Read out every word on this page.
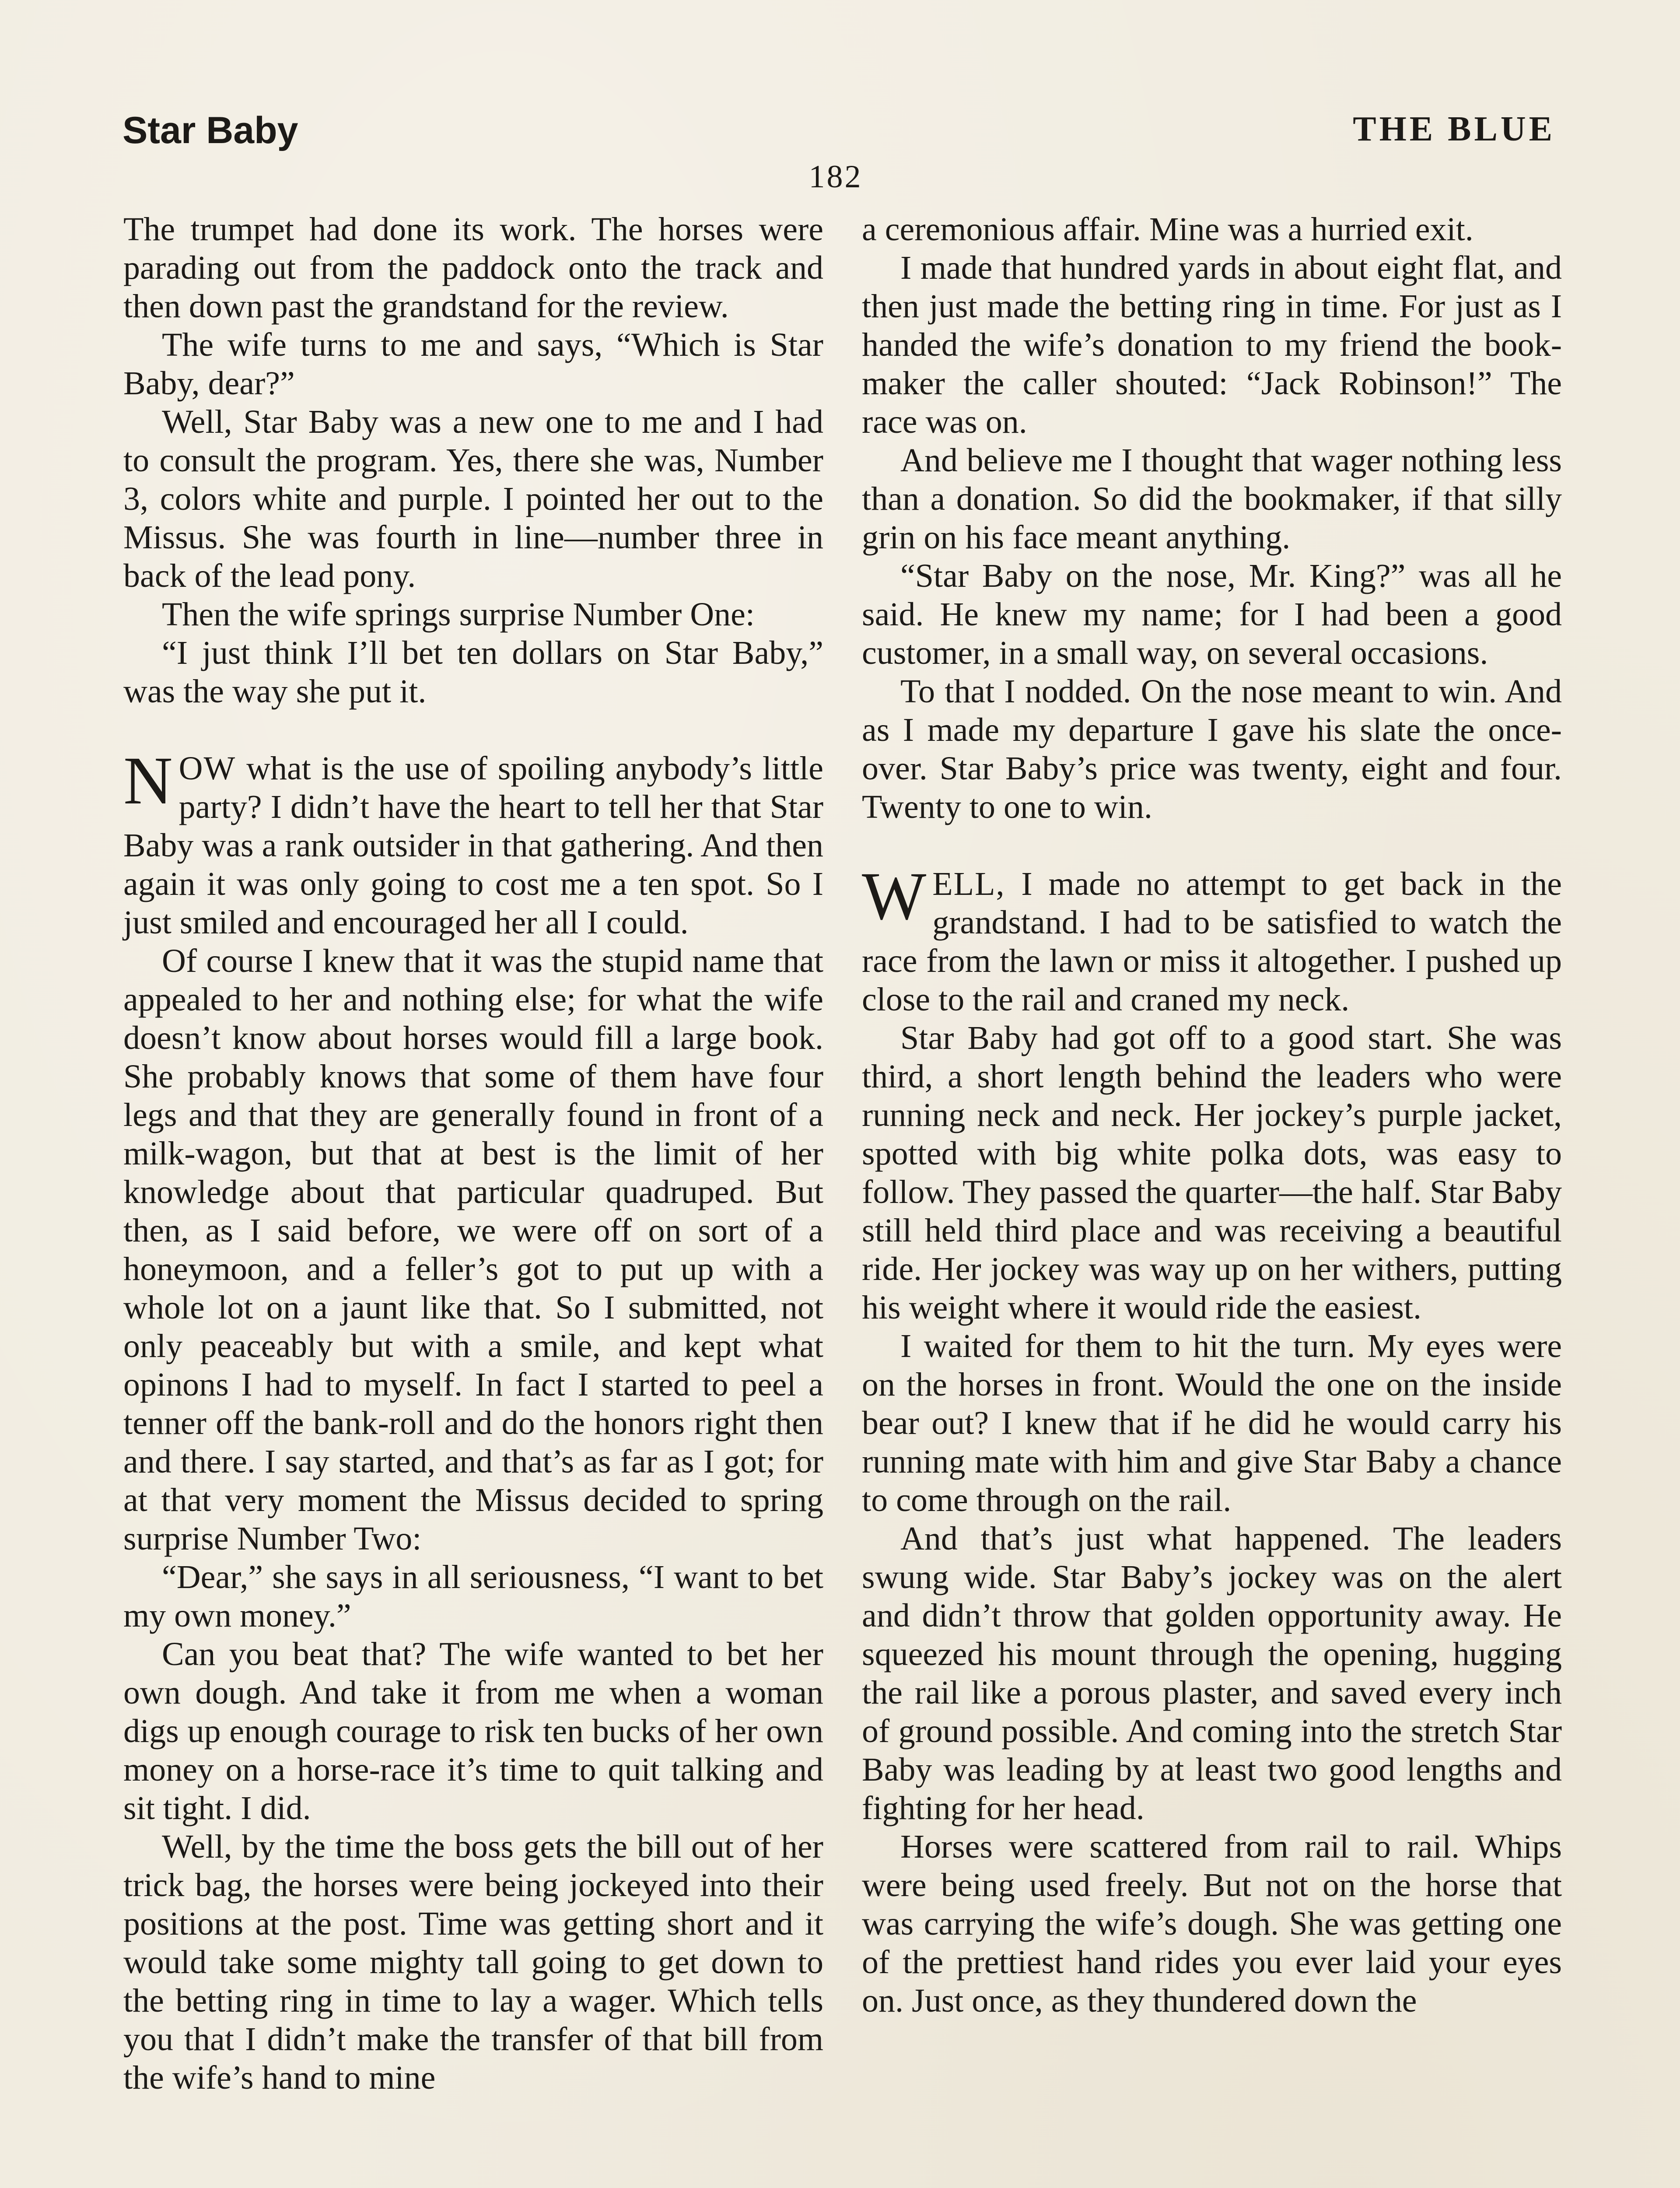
Star Baby	THE BLUE
182

The trumpet had done its work. The horses were parading out from the paddock onto the track and then down past the grandstand for the review.

The wife turns to me and says, “Which is Star Baby, dear?”

Well, Star Baby was a new one to me and I had to consult the program. Yes, there she was, Number 3, colors white and purple. I pointed her out to the Missus. She was fourth in line—number three in back of the lead pony.

Then the wife springs surprise Number One:

“I just think I’ll bet ten dollars on Star Baby,” was the way she put it.

NOW what is the use of spoiling anybody’s little party? I didn’t have the heart to tell her that Star Baby was a rank outsider in that gathering. And then again it was only going to cost me a ten spot. So I just smiled and encouraged her all I could.

Of course I knew that it was the stupid name that appealed to her and nothing else; for what the wife doesn’t know about horses would fill a large book. She probably knows that some of them have four legs and that they are generally found in front of a milk-wagon, but that at best is the limit of her knowledge about that particular quadruped. But then, as I said before, we were off on sort of a honeymoon, and a feller’s got to put up with a whole lot on a jaunt like that. So I submitted, not only peaceably but with a smile, and kept what opinons I had to myself. In fact I started to peel a tenner off the bank-roll and do the honors right then and there. I say started, and that’s as far as I got; for at that very moment the Missus decided to spring surprise Number Two:

“Dear,” she says in all seriousness, “I want to bet my own money.”

Can you beat that? The wife wanted to bet her own dough. And take it from me when a woman digs up enough courage to risk ten bucks of her own money on a horse-race it’s time to quit talking and sit tight. I did.

Well, by the time the boss gets the bill out of her trick bag, the horses were being jockeyed into their positions at the post. Time was getting short and it would take some mighty tall going to get down to the betting ring in time to lay a wager. Which tells you that I didn’t make the transfer of that bill from the wife’s hand to mine

a ceremonious affair. Mine was a hurried exit.

I made that hundred yards in about eight flat, and then just made the betting ring in time. For just as I handed the wife’s donation to my friend the bookmaker the caller shouted: “Jack Robinson!” The race was on.

And believe me I thought that wager nothing less than a donation. So did the bookmaker, if that silly grin on his face meant anything.

“Star Baby on the nose, Mr. King?” was all he said. He knew my name; for I had been a good customer, in a small way, on several occasions.

To that I nodded. On the nose meant to win. And as I made my departure I gave his slate the once-over. Star Baby’s price was twenty, eight and four. Twenty to one to win.

WELL, I made no attempt to get back in the grandstand. I had to be satisfied to watch the race from the lawn or miss it altogether. I pushed up close to the rail and craned my neck.

Star Baby had got off to a good start. She was third, a short length behind the leaders who were running neck and neck. Her jockey’s purple jacket, spotted with big white polka dots, was easy to follow. They passed the quarter—the half. Star Baby still held third place and was receiving a beautiful ride. Her jockey was way up on her withers, putting his weight where it would ride the easiest.

I waited for them to hit the turn. My eyes were on the horses in front. Would the one on the inside bear out? I knew that if he did he would carry his running mate with him and give Star Baby a chance to come through on the rail.

And that’s just what happened. The leaders swung wide. Star Baby’s jockey was on the alert and didn’t throw that golden opportunity away. He squeezed his mount through the opening, hugging the rail like a porous plaster, and saved every inch of ground possible. And coming into the stretch Star Baby was leading by at least two good lengths and fighting for her head.

Horses were scattered from rail to rail. Whips were being used freely. But not on the horse that was carrying the wife’s dough. She was getting one of the prettiest hand rides you ever laid your eyes on. Just once, as they thundered down the
